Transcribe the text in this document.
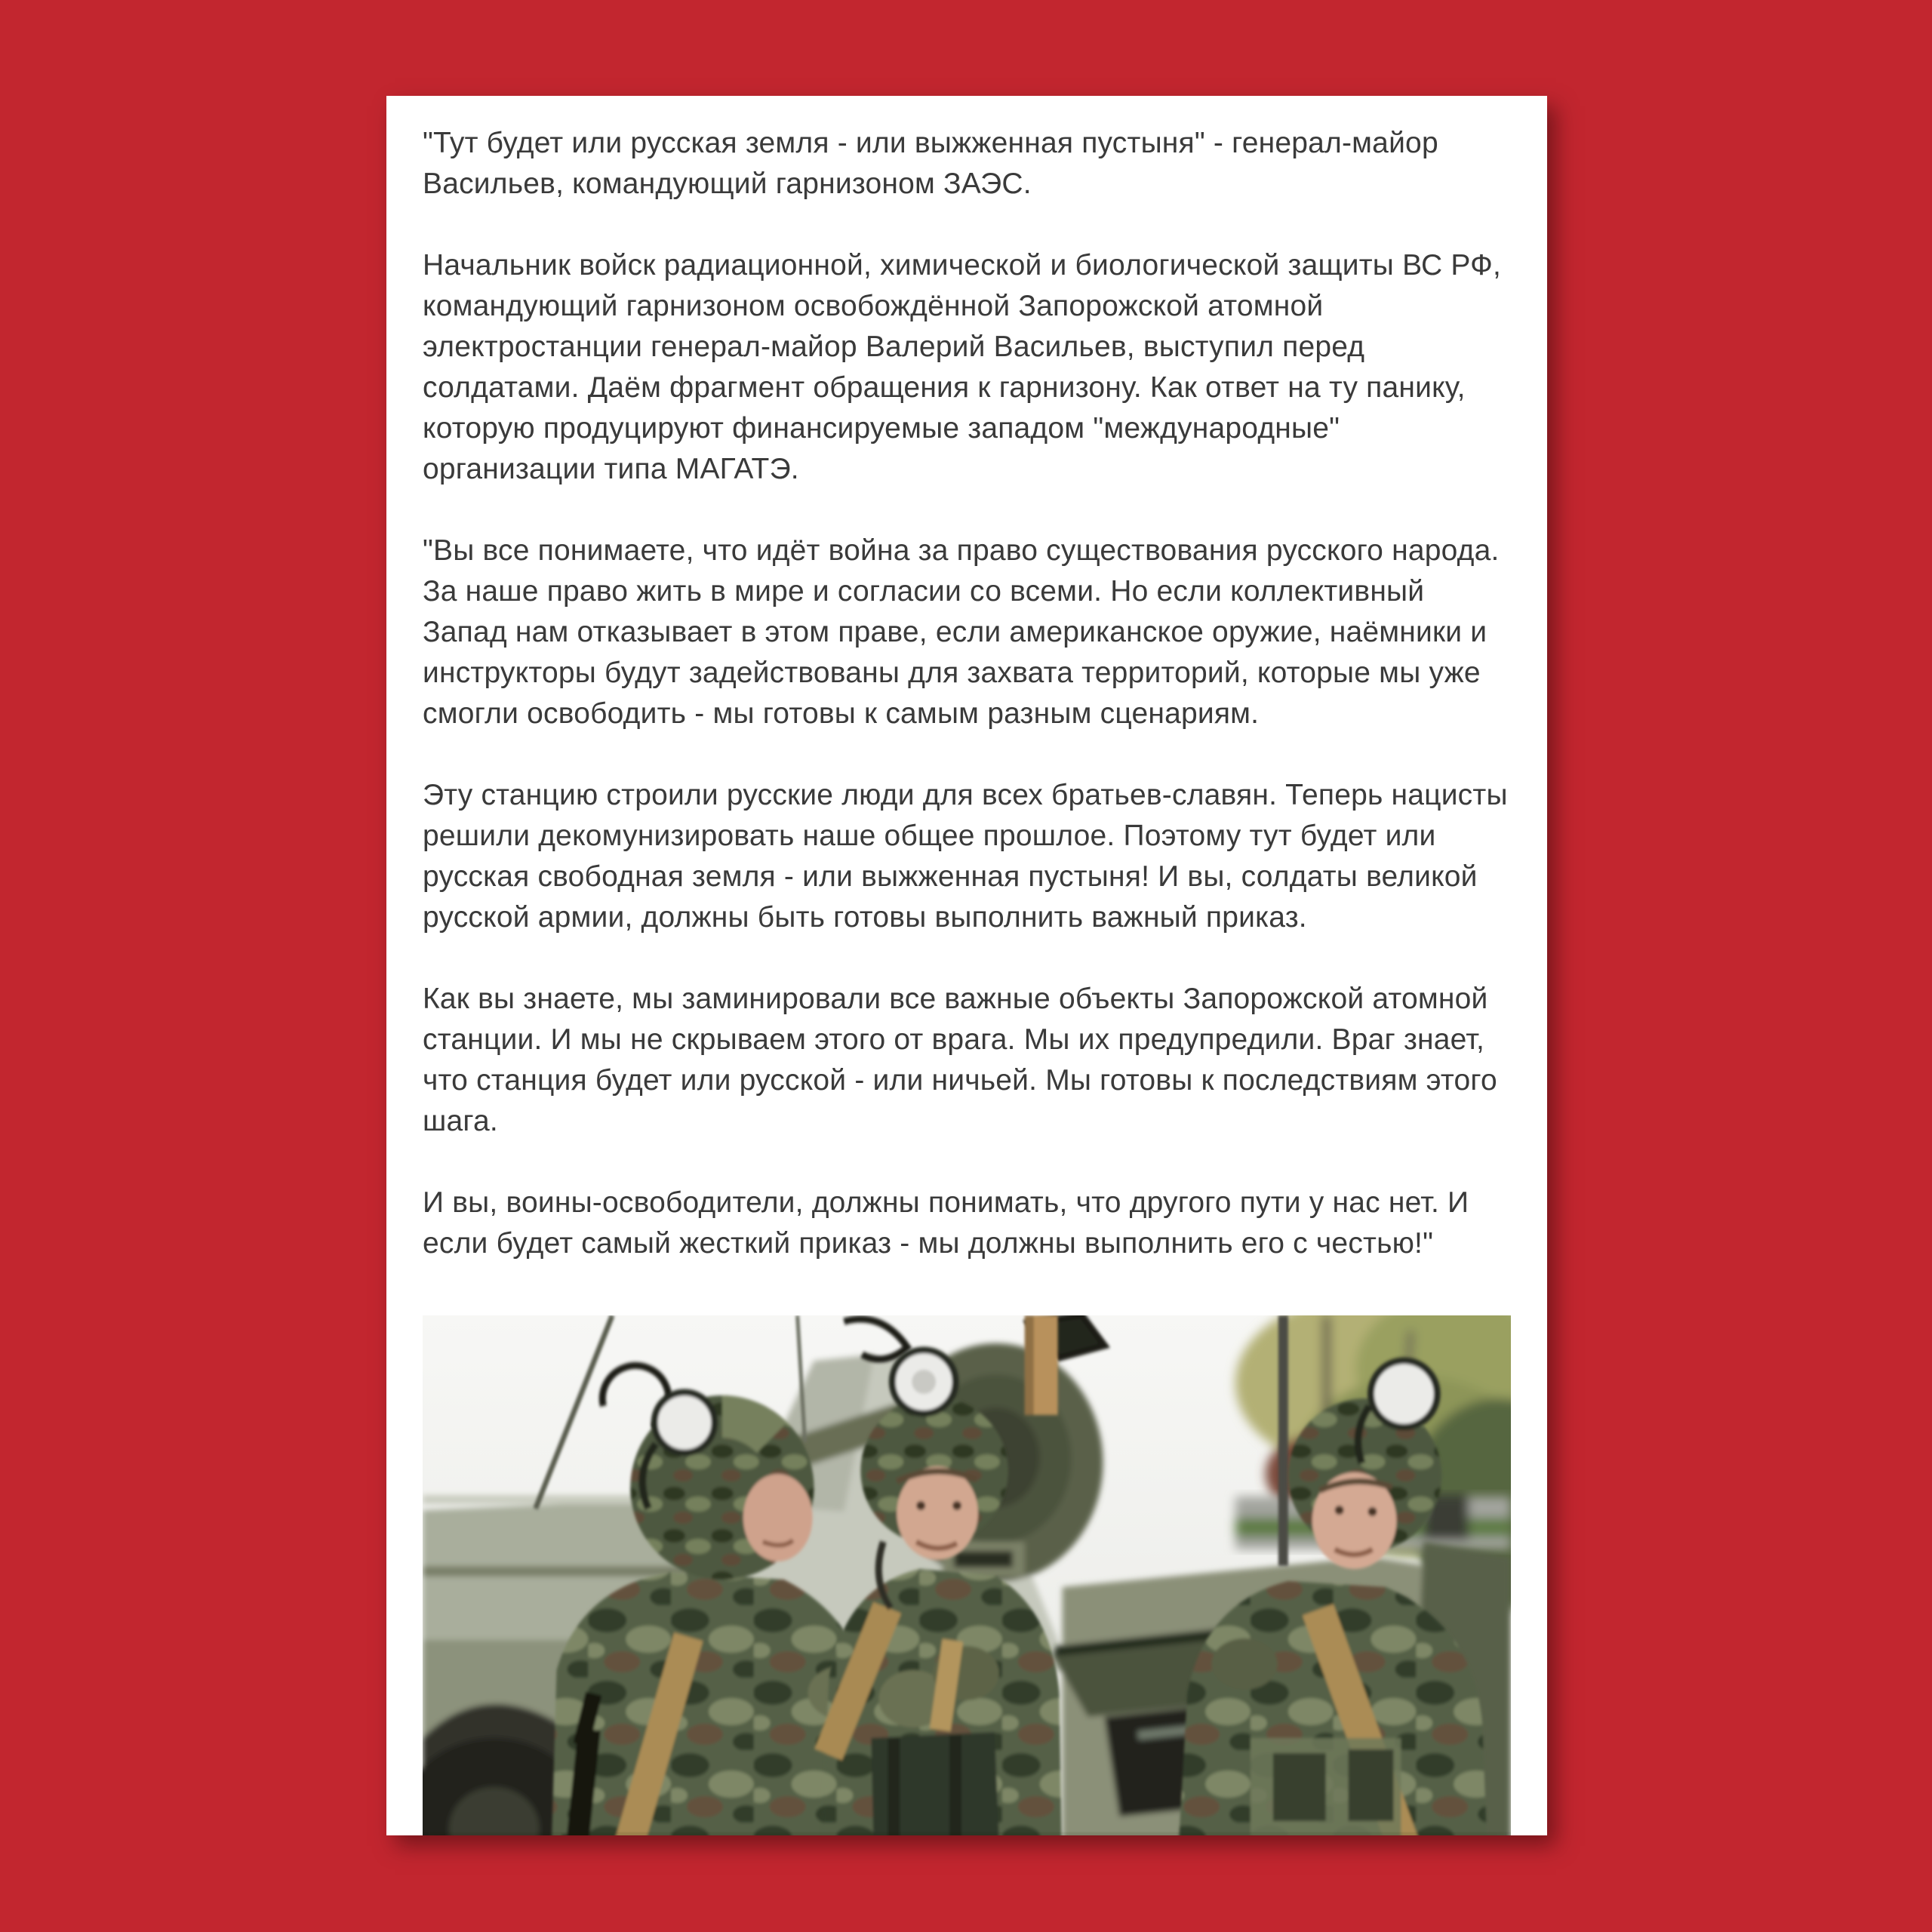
"Тут будет или русская земля - или выжженная пустыня" - генерал-майор Васильев, командующий гарнизоном ЗАЭС.

Начальник войск радиационной, химической и биологической защиты ВС РФ, командующий гарнизоном освобождённой Запорожской атомной электростанции генерал-майор Валерий Васильев, выступил перед солдатами. Даём фрагмент обращения к гарнизону. Как ответ на ту панику, которую продуцируют финансируемые западом "международные" организации типа МАГАТЭ.

"Вы все понимаете, что идёт война за право существования русского народа. За наше право жить в мире и согласии со всеми. Но если коллективный Запад нам отказывает в этом праве, если американское оружие, наёмники и инструкторы будут задействованы для захвата территорий, которые мы уже смогли освободить - мы готовы к самым разным сценариям.

Эту станцию строили русские люди для всех братьев-славян. Теперь нацисты решили декомунизировать наше общее прошлое. Поэтому тут будет или русская свободная земля - или выжженная пустыня! И вы, солдаты великой русской армии, должны быть готовы выполнить важный приказ.

Как вы знаете, мы заминировали все важные объекты Запорожской атомной станции. И мы не скрываем этого от врага. Мы их предупредили. Враг знает, что станция будет или русской - или ничьей. Мы готовы к последствиям этого шага.

И вы, воины-освободители, должны понимать, что другого пути у нас нет. И если будет самый жесткий приказ - мы должны выполнить его с честью!"
